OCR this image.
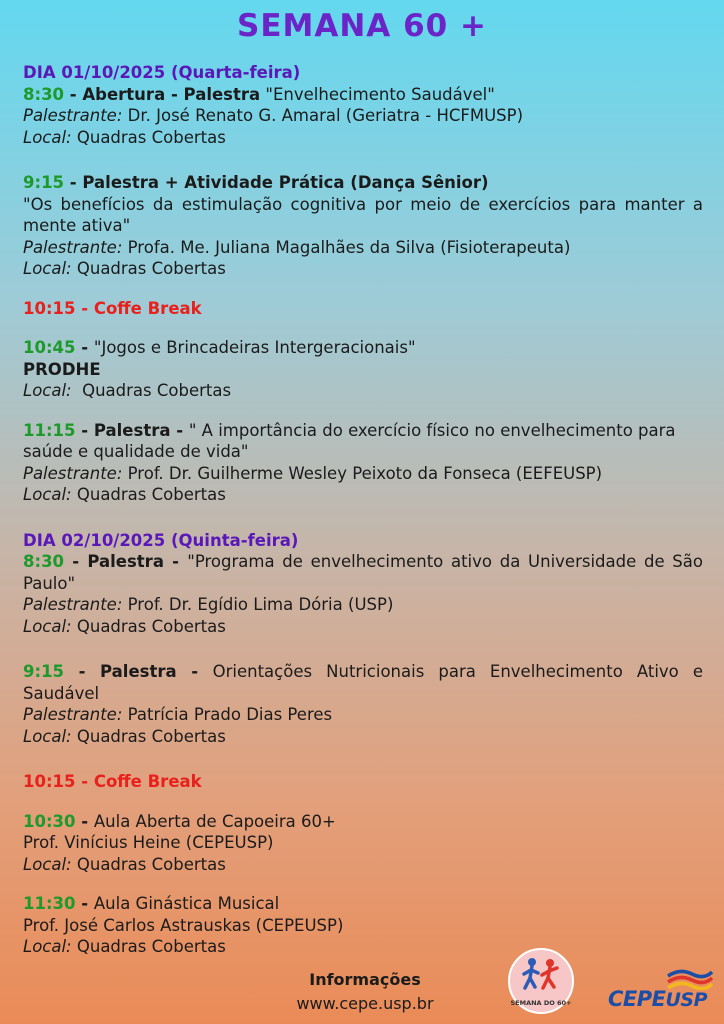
SEMANA 60 +
DIA 01/10/2025 (Quarta-feira)
8:30 - Abertura - Palestra "Envelhecimento Saudável"
Palestrante: Dr. José Renato G. Amaral (Geriatra - HCFMUSP)
Local: Quadras Cobertas
9:15 - Palestra + Atividade Prática (Dança Sênior)
"Os benefícios da estimulação cognitiva por meio de exercícios para manter a mente ativa"
Palestrante: Profa. Me. Juliana Magalhães da Silva (Fisioterapeuta)
Local: Quadras Cobertas
10:15 - Coffe Break
10:45 - "Jogos e Brincadeiras Intergeracionais"
PRODHE
Local:  Quadras Cobertas
11:15 - Palestra - " A importância do exercício físico no envelhecimento para saúde e qualidade de vida"
Palestrante: Prof. Dr. Guilherme Wesley Peixoto da Fonseca (EEFEUSP)
Local: Quadras Cobertas
DIA 02/10/2025 (Quinta-feira)
8:30 - Palestra - "Programa de envelhecimento ativo da Universidade de São Paulo"
Palestrante: Prof. Dr. Egídio Lima Dória (USP)
Local: Quadras Cobertas
9:15 - Palestra - Orientações Nutricionais para Envelhecimento Ativo e Saudável
Palestrante: Patrícia Prado Dias Peres
Local: Quadras Cobertas
10:15 - Coffe Break
10:30 - Aula Aberta de Capoeira 60+
Prof. Vinícius Heine (CEPEUSP)
Local: Quadras Cobertas
11:30 - Aula Ginástica Musical
Prof. José Carlos Astrauskas (CEPEUSP)
Local: Quadras Cobertas
Informações
www.cepe.usp.br	SEMANA DO 60+ CEPEUSP
